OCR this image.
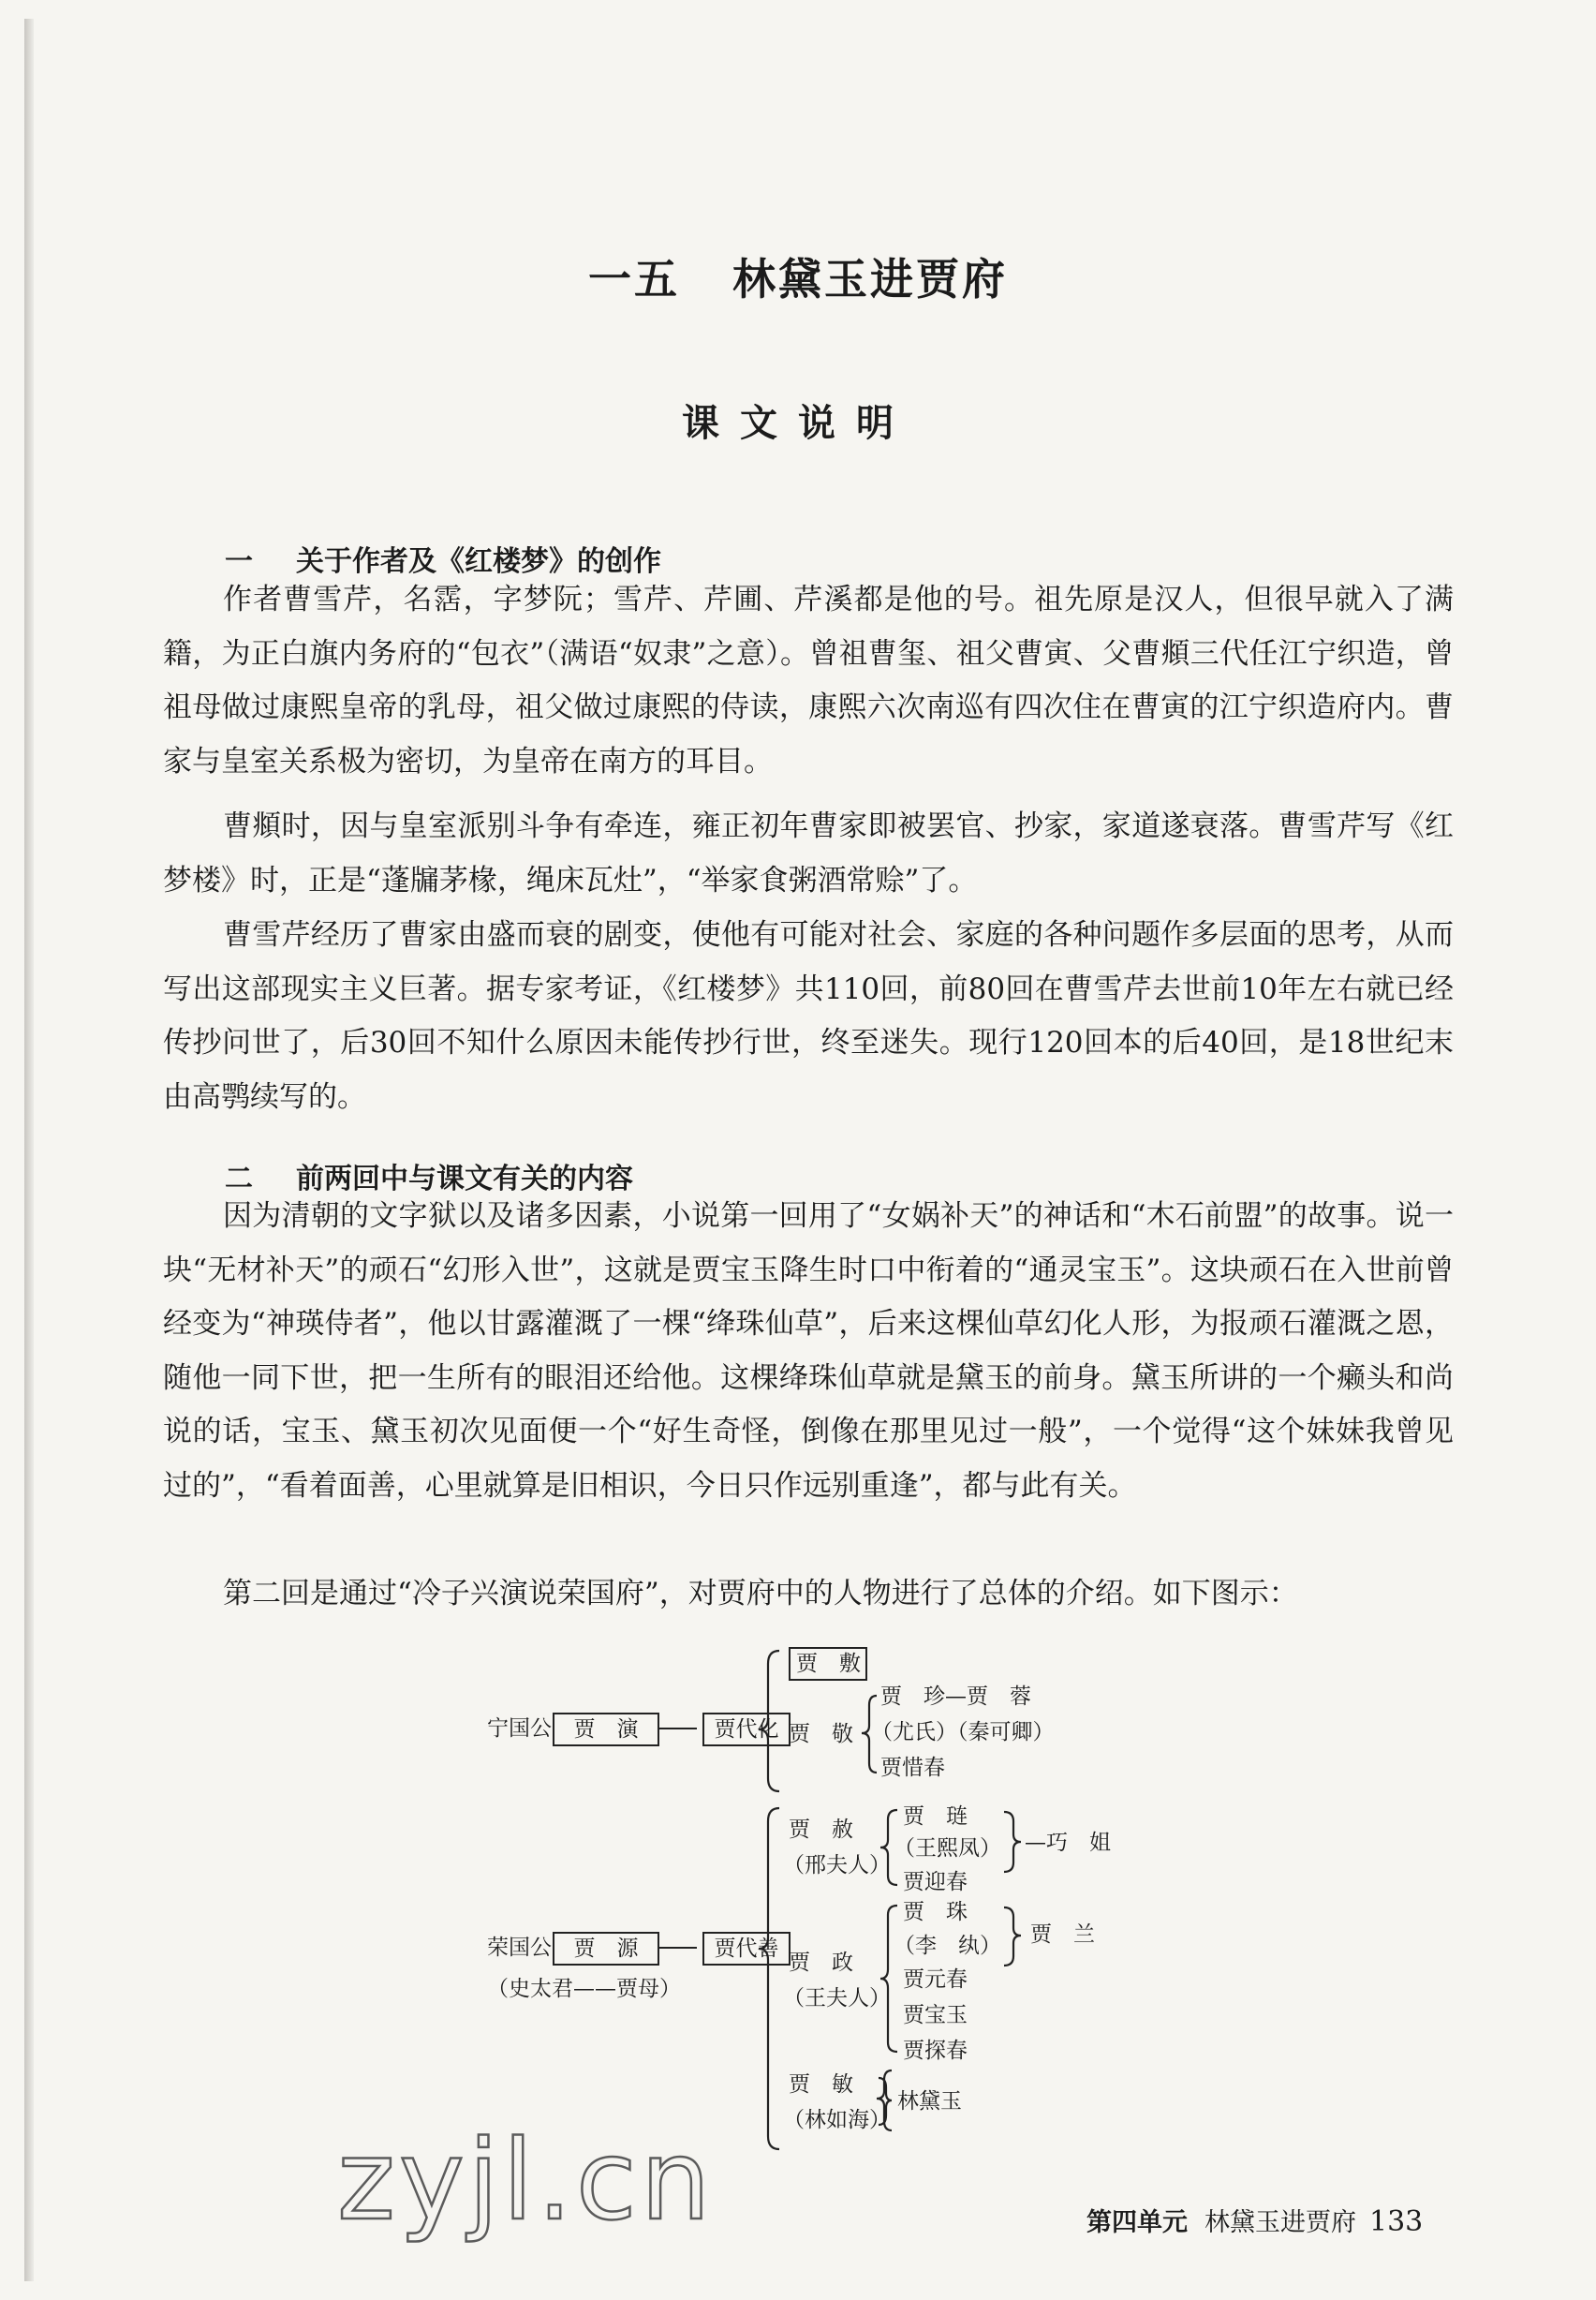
一五 林黛玉进贾府
课文说明
一 关于作者及《红楼梦》的创作

作者曹雪芹，名霑，字梦阮；雪芹、芹圃、芹溪都是他的号。祖先原是汉人，但很早就入了满籍，为正白旗内务府的“包衣”（满语“奴隶”之意）。曾祖曹玺、祖父曹寅、父曹頫三代任江宁织造，曾祖母做过康熙皇帝的乳母，祖父做过康熙的侍读，康熙六次南巡有四次住在曹寅的江宁织造府内。曹家与皇室关系极为密切，为皇帝在南方的耳目。

曹頫时，因与皇室派别斗争有牵连，雍正初年曹家即被罢官、抄家，家道遂衰落。曹雪芹写《红梦楼》时，正是“蓬牖茅椽，绳床瓦灶”，“举家食粥酒常赊”了。

曹雪芹经历了曹家由盛而衰的剧变，使他有可能对社会、家庭的各种问题作多层面的思考，从而写出这部现实主义巨著。据专家考证，《红楼梦》共110回，前80回在曹雪芹去世前10年左右就已经传抄问世了，后30回不知什么原因未能传抄行世，终至迷失。现行120回本的后40回，是18世纪末由高鹗续写的。

二 前两回中与课文有关的内容

因为清朝的文字狱以及诸多因素，小说第一回用了“女娲补天”的神话和“木石前盟”的故事。说一块“无材补天”的顽石“幻形入世”，这就是贾宝玉降生时口中衔着的“通灵宝玉”。这块顽石在入世前曾经变为“神瑛侍者”，他以甘露灌溉了一棵“绛珠仙草”，后来这棵仙草幻化人形，为报顽石灌溉之恩，随他一同下世，把一生所有的眼泪还给他。这棵绛珠仙草就是黛玉的前身。黛玉所讲的一个癞头和尚说的话，宝玉、黛玉初次见面便一个“好生奇怪，倒像在那里见过一般”，一个觉得“这个妹妹我曾见过的”，“看着面善，心里就算是旧相识，今日只作远别重逢”，都与此有关。

第二回是通过“冷子兴演说荣国府”，对贾府中的人物进行了总体的介绍。如下图示：

宁国公	贾　演	贾代化
贾　敷
贾　敬
贾　珍—贾　蓉
（尤氏）（秦可卿）
贾惜春
荣国公	贾　源	贾代善
（史太君——贾母）
贾　赦
（邢夫人）
贾　琏
（王熙凤） —巧　姐
贾迎春
贾　政
（王夫人）
贾　珠
（李　纨） 贾　兰
贾元春
贾宝玉
贾探春
贾　敏
（林如海）
林黛玉
zyjl.cn	第四单元 林黛玉进贾府 133
